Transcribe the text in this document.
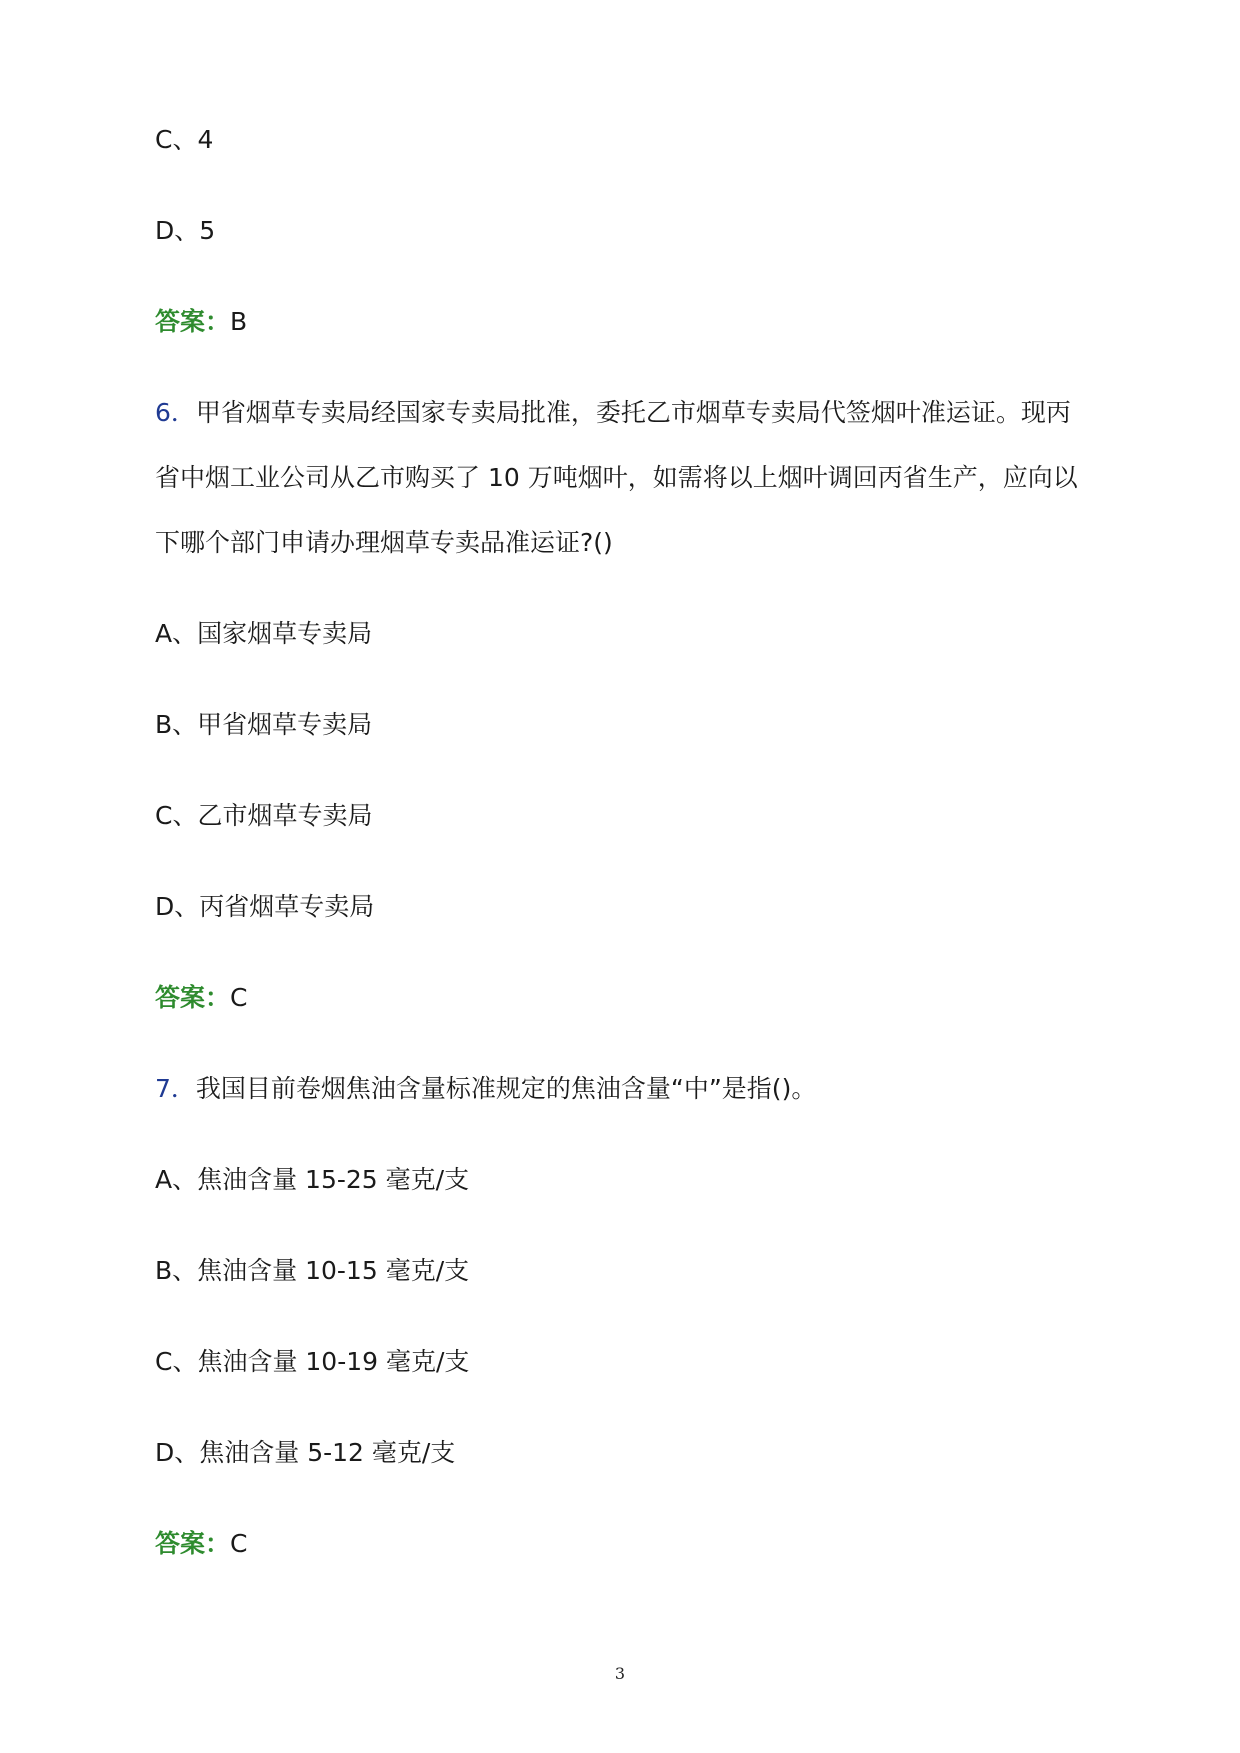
C、4
D、5
答案：B
6．甲省烟草专卖局经国家专卖局批准，委托乙市烟草专卖局代签烟叶准运证。现丙
省中烟工业公司从乙市购买了 10 万吨烟叶，如需将以上烟叶调回丙省生产，应向以
下哪个部门申请办理烟草专卖品准运证?()
A、国家烟草专卖局
B、甲省烟草专卖局
C、乙市烟草专卖局
D、丙省烟草专卖局
答案：C
7．我国目前卷烟焦油含量标准规定的焦油含量“中”是指()。
A、焦油含量 15-25 毫克/支
B、焦油含量 10-15 毫克/支
C、焦油含量 10-19 毫克/支
D、焦油含量 5-12 毫克/支
答案：C
3
